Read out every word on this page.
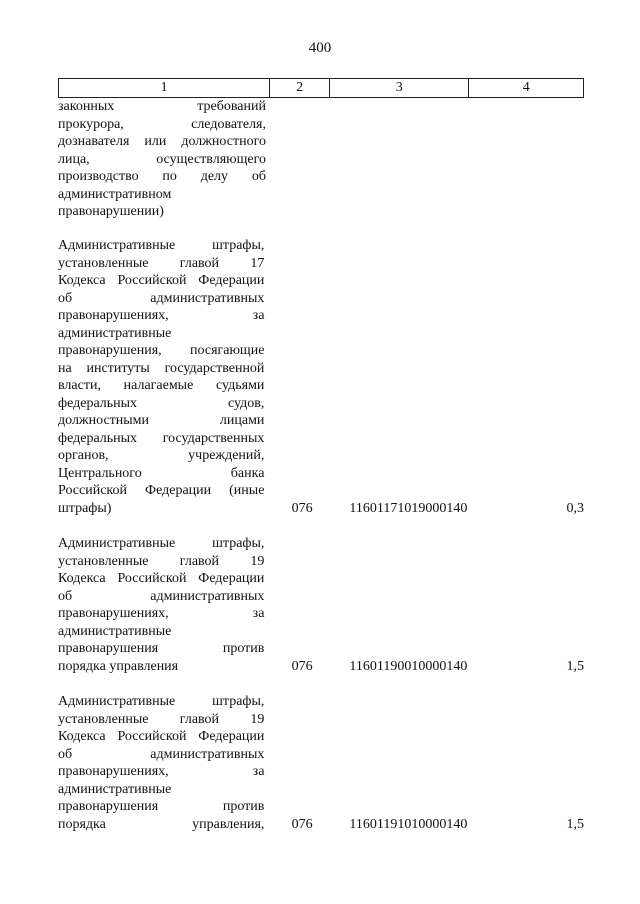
400
1	2	3	4
законных требований
прокурора, следователя,
дознавателя или должностного
лица, осуществляющего
производство по делу об
административном
правонарушении)
Административные штрафы,
установленные главой 17
Кодекса Российской Федерации
об административных
правонарушениях, за
административные
правонарушения, посягающие
на институты государственной
власти, налагаемые судьями
федеральных судов,
должностными лицами
федеральных государственных
органов, учреждений,
Центрального банка
Российской Федерации (иные
штрафы)	076	11601171019000140	0,3
Административные штрафы,
установленные главой 19
Кодекса Российской Федерации
об административных
правонарушениях, за
административные
правонарушения против
порядка управления	076	11601190010000140	1,5
Административные штрафы,
установленные главой 19
Кодекса Российской Федерации
об административных
правонарушениях, за
административные
правонарушения против
порядка управления,	076	11601191010000140	1,5
